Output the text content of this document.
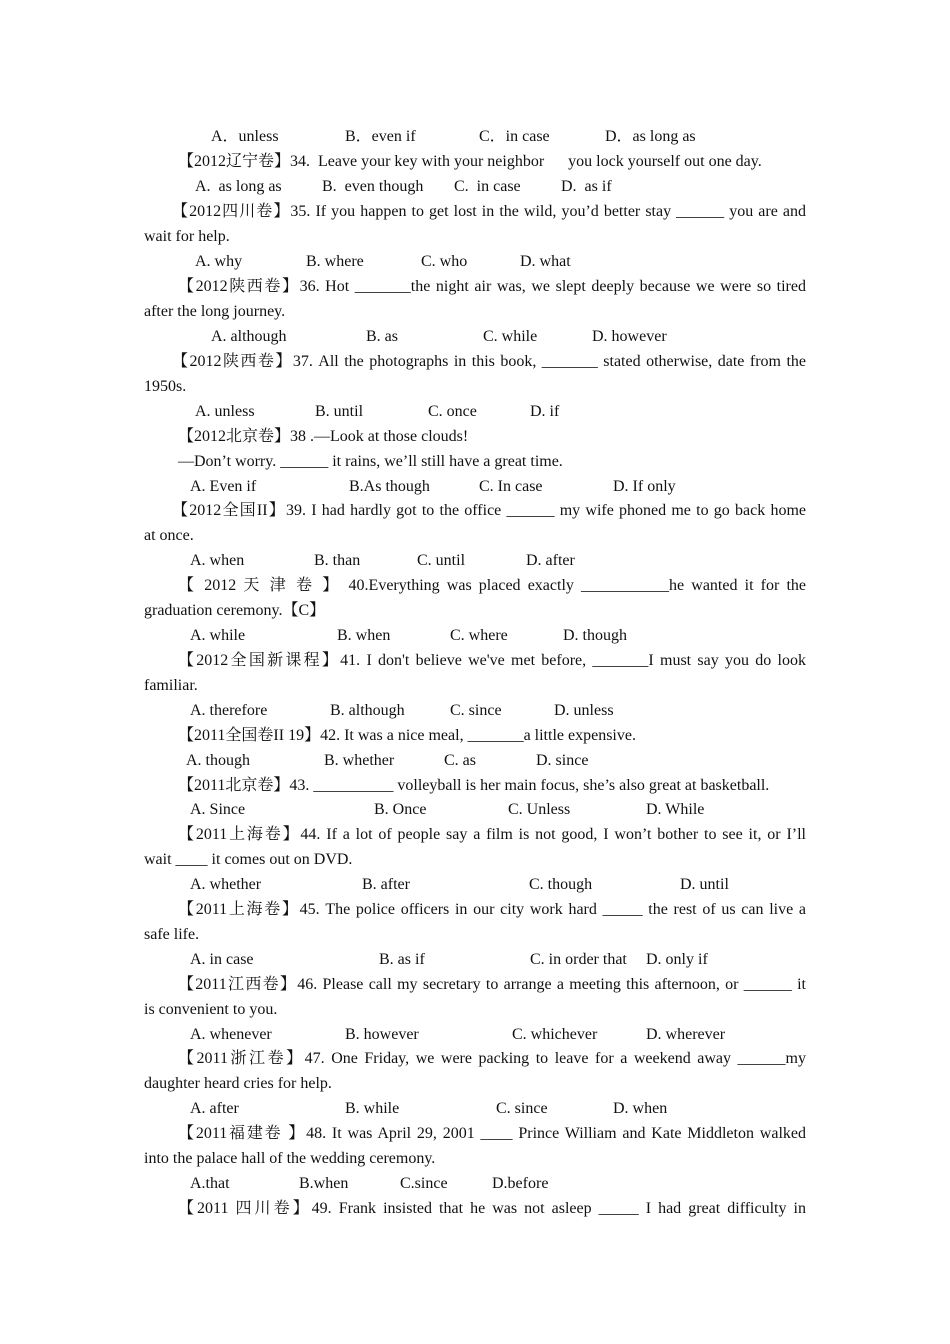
A．unless	B．even if	C．in case	D．as long as
【2012辽宁卷】34.  Leave your key with your neighbor      you lock yourself out one day.
A.  as long as	B.  even though C.  in case	D.  as if
【2012四川卷】35. If you happen to get lost in the wild, you’d better stay ______ you are and
wait for help.
A. why	B. where	C. who	D. what
【2012陕西卷】36. Hot _______the night air was, we slept deeply because we were so tired
after the long journey.
A. although	B. as	C. while	D. however
【2012陕西卷】37. All the photographs in this book, _______ stated otherwise, date from the
1950s.
A. unless	B. until	C. once	D. if
【2012北京卷】38 .—Look at those clouds!
—Don’t worry. ______ it rains, we’ll still have a great time.
A. Even if	B.As though	C. In case	D. If only
【2012全国II】39. I had hardly got to the office ______ my wife phoned me to go back home
at once.
A. when	B. than	C. until	D. after
【 2012 天 津 卷 】 40.Everything was placed exactly ___________he wanted it for the
graduation ceremony.【C】
A. while	B. when	C. where	D. though
【2012全国新课程】41. I don't believe we've met before, _______I must say you do look
familiar.
A. therefore	B. although	C. since	D. unless
【2011全国卷II 19】42. It was a nice meal, _______a little expensive.
A. though	B. whether	C. as	D. since
【2011北京卷】43. __________ volleyball is her main focus, she’s also great at basketball.
A. Since	B. Once	C. Unless	D. While
【2011上海卷】44. If a lot of people say a film is not good, I won’t bother to see it, or I’ll
wait ____ it comes out on DVD.
A. whether	B. after	C. though	D. until
【2011上海卷】45. The police officers in our city work hard _____ the rest of us can live a
safe life.
A. in case	B. as if	C. in order that D. only if
【2011江西卷】46. Please call my secretary to arrange a meeting this afternoon, or ______ it
is convenient to you.
A. whenever	B. however	C. whichever	D. wherever
【2011浙江卷】47. One Friday, we were packing to leave for a weekend away ______my
daughter heard cries for help.
A. after	B. while	C. since	D. when
【2011福建卷 】48. It was April 29, 2001 ____ Prince William and Kate Middleton walked
into the palace hall of the wedding ceremony.
A.that	B.when	C.since	D.before
【2011 四川卷】49. Frank insisted that he was not asleep _____ I had great difficulty in
